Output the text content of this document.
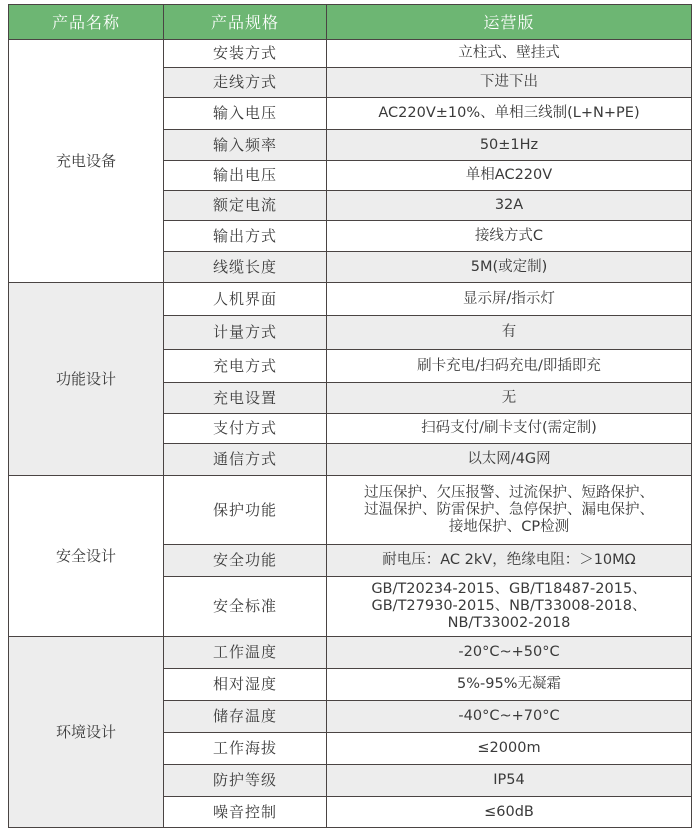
产品名称	产品规格	运营版
充电设备	安装方式	立柱式、壁挂式
	走线方式	下进下出
	输入电压	AC220V±10%、单相三线制(L+N+PE)
	输入频率	50±1Hz
	输出电压	单相AC220V
	额定电流	32A
	输出方式	接线方式C
	线缆长度	5M(或定制)
功能设计	人机界面	显示屏/指示灯
	计量方式	有
	充电方式	刷卡充电/扫码充电/即插即充
	充电设置	无
	支付方式	扫码支付/刷卡支付(需定制)
	通信方式	以太网/4G网
安全设计	保护功能	过压保护、欠压报警、过流保护、短路保护、
过温保护、防雷保护、急停保护、漏电保护、
接地保护、CP检测

	安全功能	耐电压：AC 2kV，绝缘电阻：＞10MΩ
	安全标准	GB/T20234-2015、GB/T18487-2015、
GB/T27930-2015、NB/T33008-2018、
NB/T33002-2018

环境设计	工作温度	-20°C~+50°C
	相对湿度	5%-95%无凝霜
	储存温度	-40°C~+70°C
	工作海拔	≤2000m
	防护等级	IP54
	噪音控制	≤60dB
